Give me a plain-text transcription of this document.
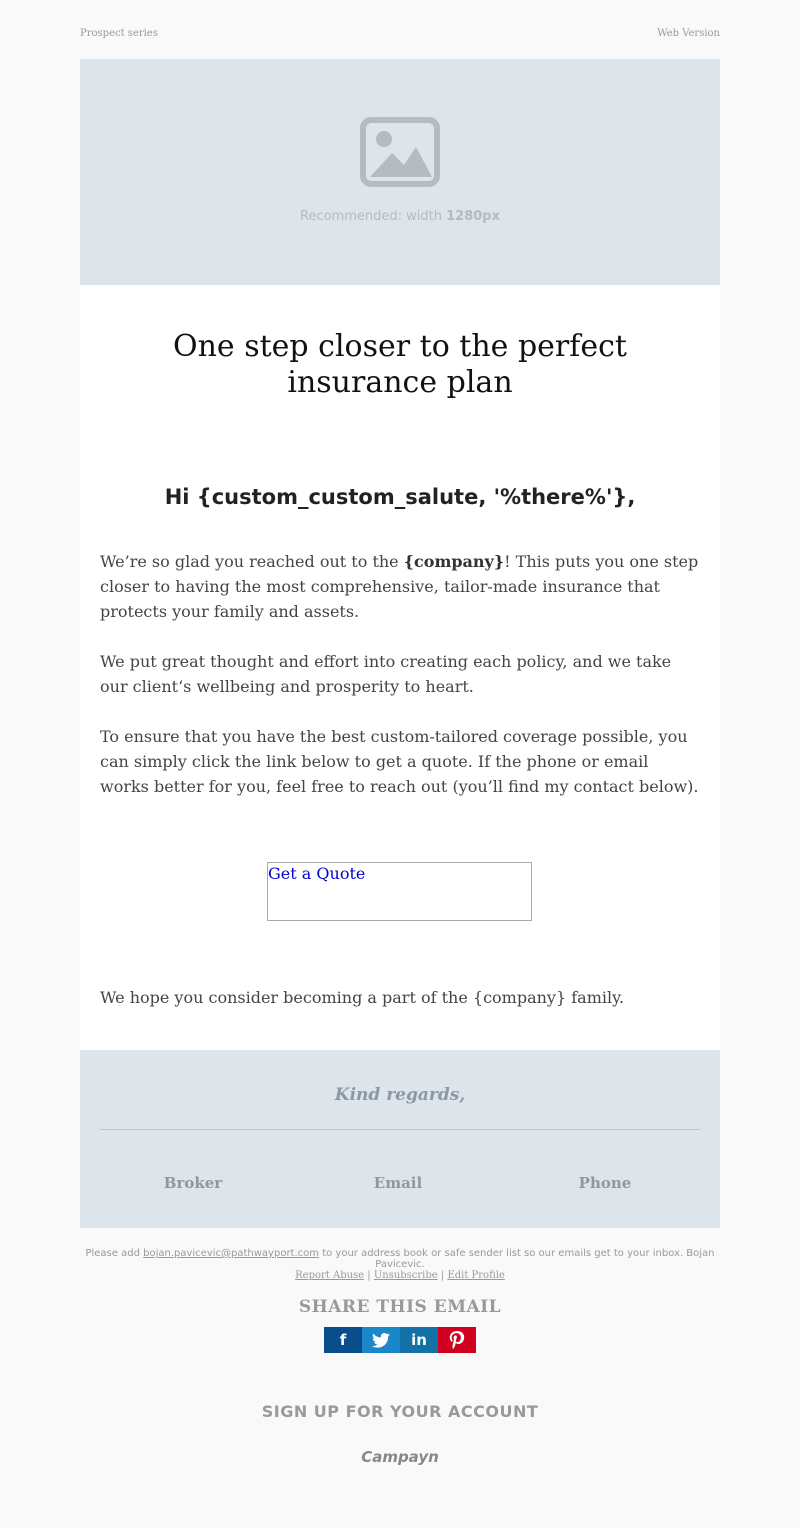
Prospect series	Web Version
Recommended: width 1280px
One step closer to the perfect insurance plan
Hi {custom_custom_salute, '%there%'},

We’re so glad you reached out to the {company}! This puts you one step closer to having the most comprehensive, tailor-made insurance that protects your family and assets.

We put great thought and effort into creating each policy, and we take our client‘s wellbeing and prosperity to heart.

To ensure that you have the best custom-tailored coverage possible, you can simply click the link below to get a quote. If the phone or email works better for you, feel free to reach out (you’ll find my contact below).

Kind regards,
Broker	Email	Phone
Get a Quote

We hope you consider becoming a part of the {company} family.

Please add bojan.pavicevic@pathwayport.com to your address book or safe sender list so our emails get to your inbox. Bojan Pavicevic.
Report Abuse | Unsubscribe | Edit Profile
SHARE THIS EMAIL
f	in
SIGN UP FOR YOUR ACCOUNT
Campayn
